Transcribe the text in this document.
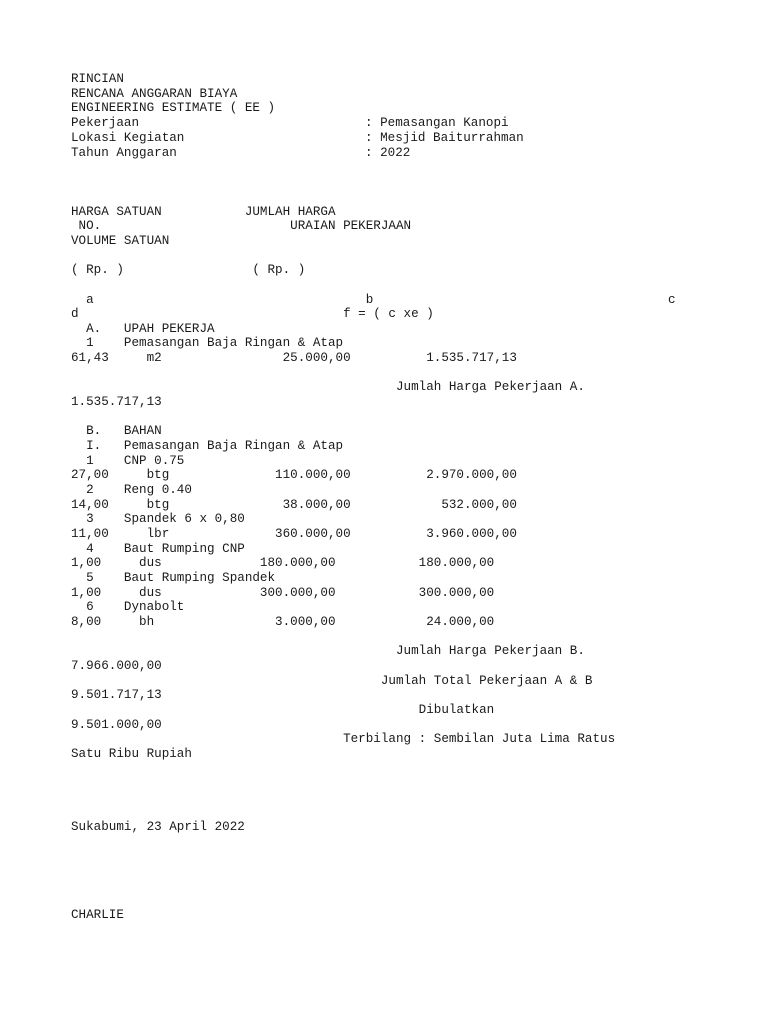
RINCIAN

RENCANA ANGGARAN BIAYA

ENGINEERING ESTIMATE ( EE )

Pekerjaan	: Pemasangan Kanopi

Lokasi Kegiatan	: Mesjid Baiturrahman

Tahun Anggaran	: 2022

HARGA SATUAN           JUMLAH HARGA

NO.                         URAIAN PEKERJAAN

VOLUME SATUAN

( Rp. )                 ( Rp. )

a                                    b                                       c

d                                   f = ( c xe )

A.   UPAH PEKERJA

1    Pemasangan Baja Ringan & Atap

61,43     m2                25.000,00          1.535.717,13

Jumlah Harga Pekerjaan A.

1.535.717,13

B.   BAHAN

I.   Pemasangan Baja Ringan & Atap

1    CNP 0.75

27,00     btg              110.000,00          2.970.000,00

2    Reng 0.40

14,00     btg               38.000,00            532.000,00

3    Spandek 6 x 0,80

11,00     lbr              360.000,00          3.960.000,00

4    Baut Rumping CNP

1,00     dus             180.000,00           180.000,00

5    Baut Rumping Spandek

1,00     dus             300.000,00           300.000,00

6    Dynabolt

8,00     bh                3.000,00            24.000,00

Jumlah Harga Pekerjaan B.

7.966.000,00

Jumlah Total Pekerjaan A & B

9.501.717,13

Dibulatkan

9.501.000,00

Terbilang : Sembilan Juta Lima Ratus

Satu Ribu Rupiah

Sukabumi, 23 April 2022

CHARLIE
